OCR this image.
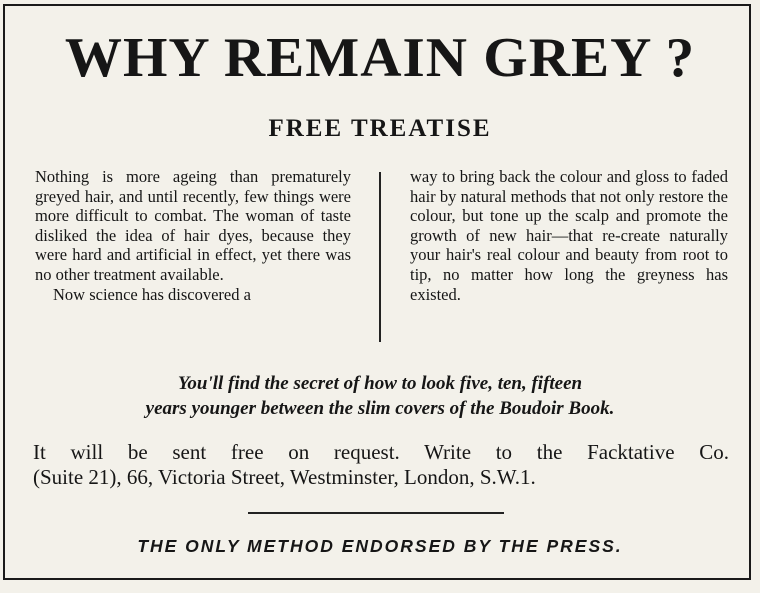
WHY REMAIN GREY ?
FREE TREATISE

Nothing is more ageing than prematurely greyed hair, and until recently, few things were more difficult to combat. The woman of taste disliked the idea of hair dyes, because they were hard and artificial in effect, yet there was no other treatment available.

Now science has discovered a

way to bring back the colour and gloss to faded hair by natural methods that not only restore the colour, but tone up the scalp and promote the growth of new hair—that re-create naturally your hair's real colour and beauty from root to tip, no matter how long the greyness has existed.

You'll find the secret of how to look five, ten, fifteen
years younger between the slim covers of the Boudoir Book.
It will be sent free on request. Write to the Facktative Co.
(Suite 21), 66, Victoria Street, Westminster, London, S.W.1.
THE ONLY METHOD ENDORSED BY THE PRESS.
